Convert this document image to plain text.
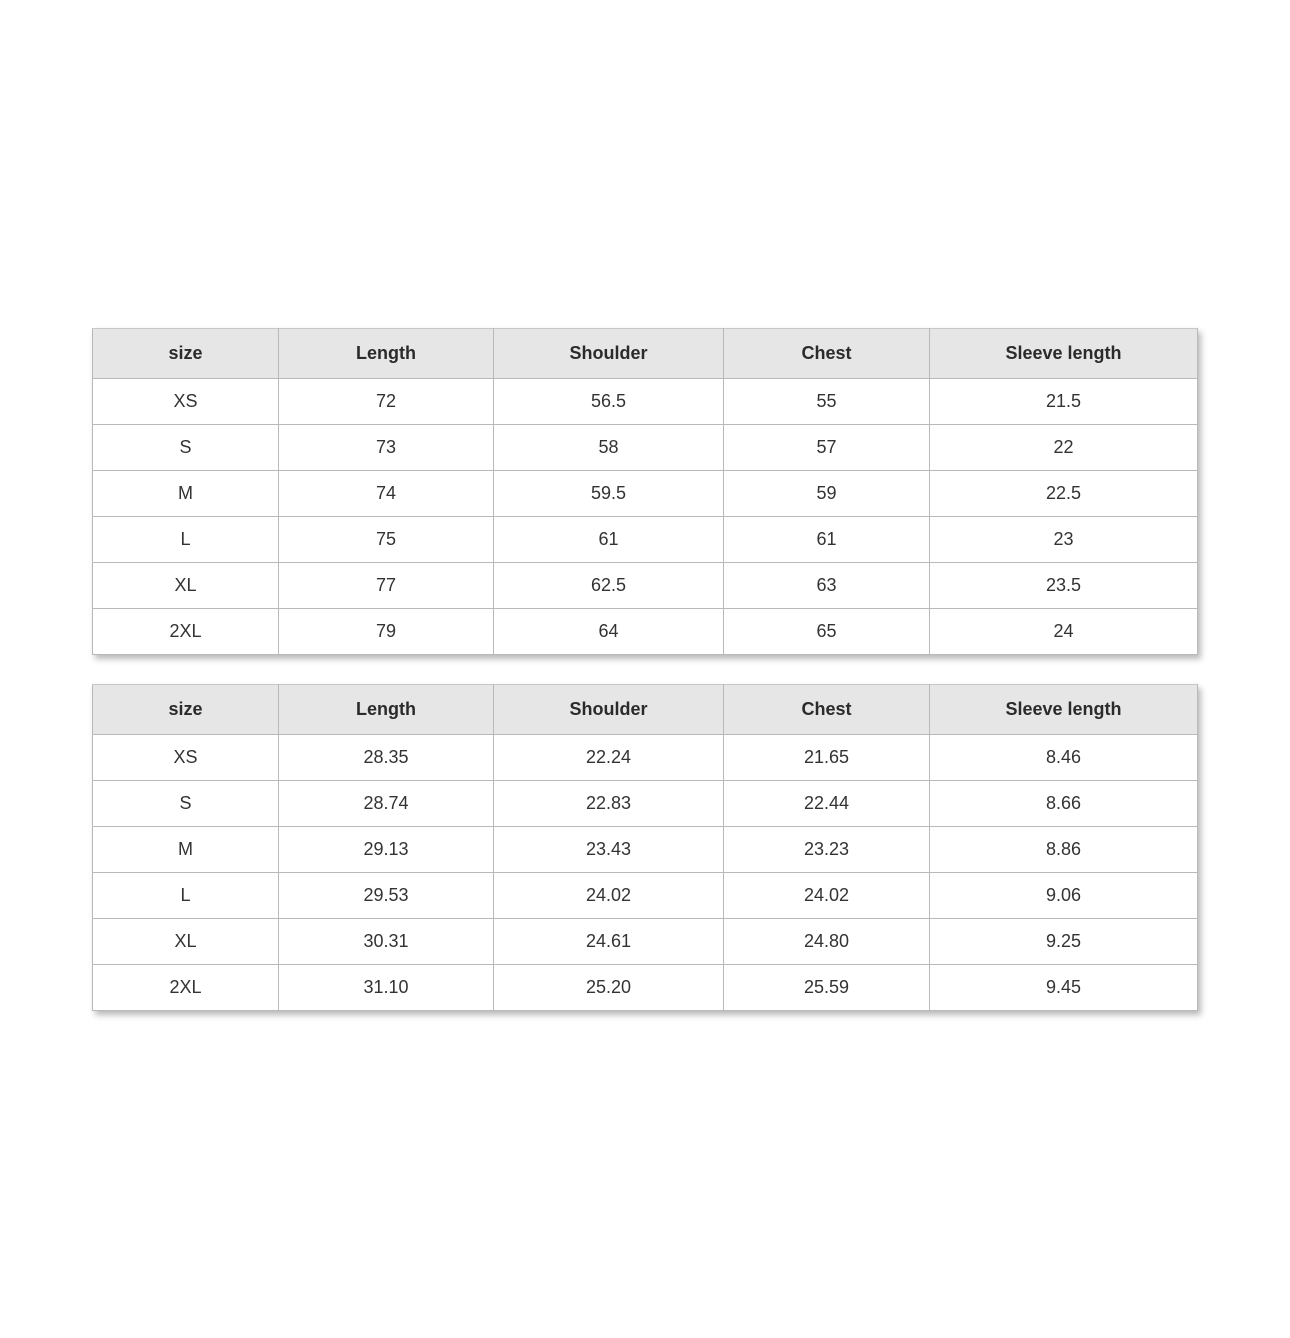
size	Length	Shoulder	Chest	Sleeve length
XS	72	56.5	55	21.5
S	73	58	57	22
M	74	59.5	59	22.5
L	75	61	61	23
XL	77	62.5	63	23.5
2XL	79	64	65	24
size	Length	Shoulder	Chest	Sleeve length
XS	28.35	22.24	21.65	8.46
S	28.74	22.83	22.44	8.66
M	29.13	23.43	23.23	8.86
L	29.53	24.02	24.02	9.06
XL	30.31	24.61	24.80	9.25
2XL	31.10	25.20	25.59	9.45
